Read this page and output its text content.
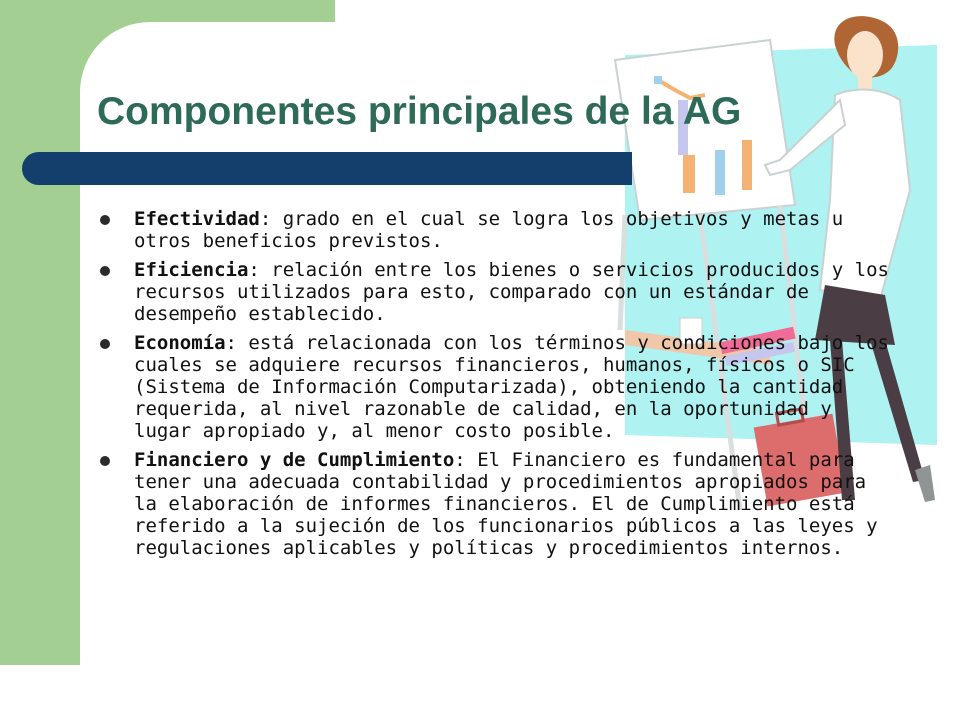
Componentes principales de la AG
Efectividad: grado en el cual se logra los objetivos y metas u otros beneficios previstos.
Eficiencia: relación entre los bienes o servicios producidos y los recursos utilizados para esto, comparado con un estándar de desempeño establecido.
Economía: está relacionada con los términos y condiciones bajo los cuales se adquiere recursos financieros, humanos, físicos o SIC (Sistema de Información Computarizada), obteniendo la cantidad requerida, al nivel razonable de calidad, en la oportunidad y lugar apropiado y, al menor costo posible.
Financiero y de Cumplimiento: El Financiero es fundamental para tener una adecuada contabilidad y procedimientos apropiados para la elaboración de informes financieros. El de Cumplimiento está referido a la sujeción de los funcionarios públicos a las leyes y regulaciones aplicables y políticas y procedimientos internos.
